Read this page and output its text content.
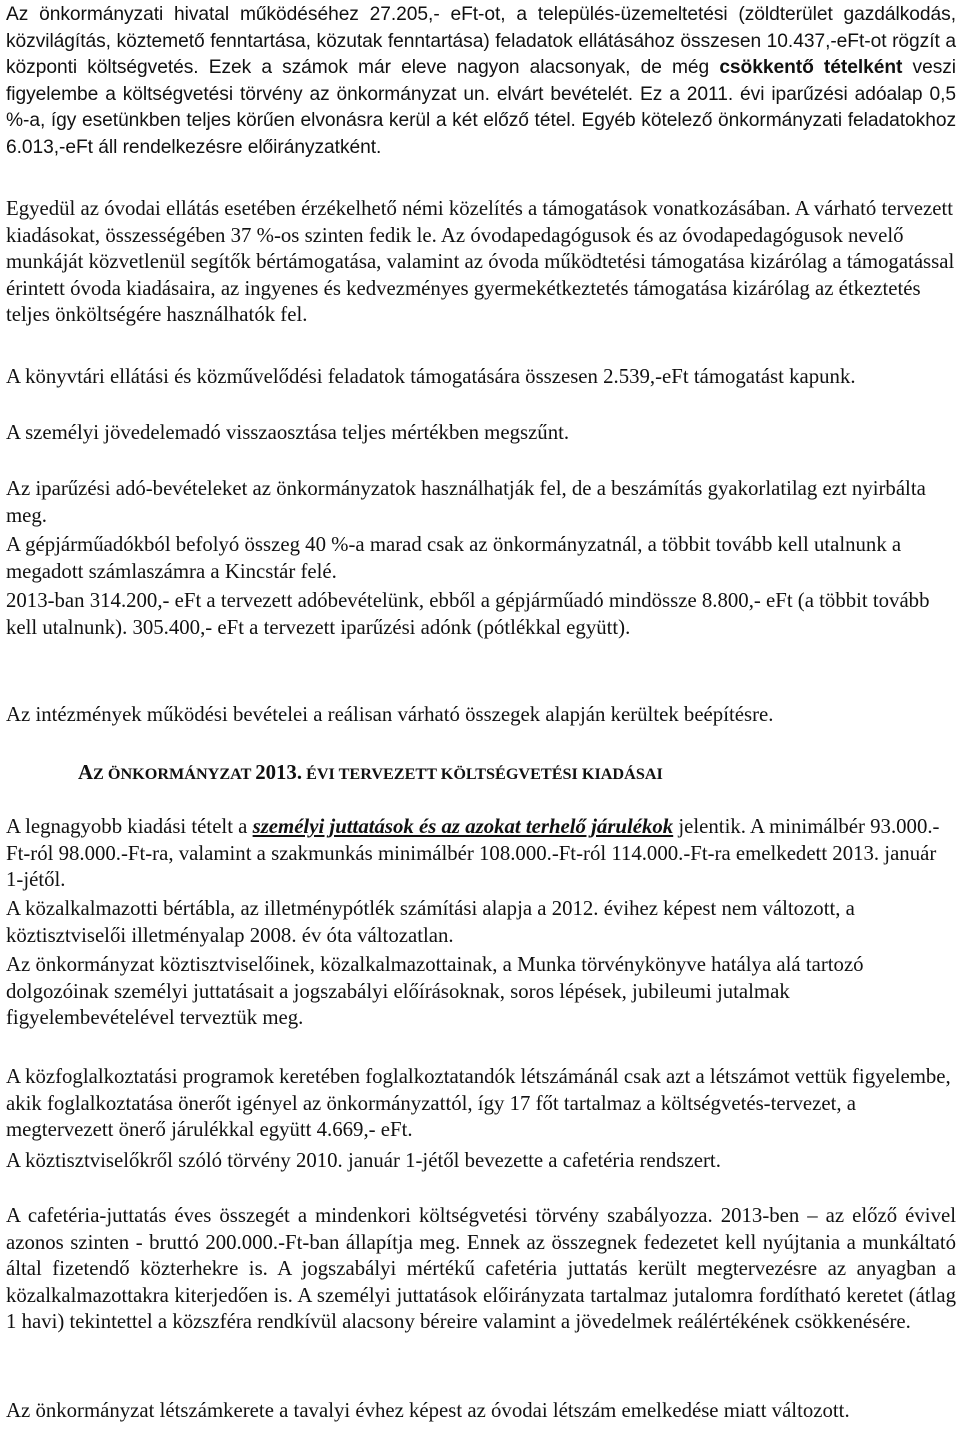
Az önkormányzati hivatal működéséhez 27.205,- eFt-ot, a település-üzemeltetési (zöldterület gazdálkodás, közvilágítás, köztemető fenntartása, közutak fenntartása) feladatok ellátásához összesen 10.437,-eFt-ot rögzít a központi költségvetés. Ezek a számok már eleve nagyon alacsonyak, de még csökkentő tételként veszi figyelembe a költségvetési törvény az önkormányzat un. elvárt bevételét. Ez a 2011. évi iparűzési adóalap 0,5 %-a, így esetünkben teljes körűen elvonásra kerül a két előző tétel. Egyéb kötelező önkormányzati feladatokhoz 6.013,-eFt áll rendelkezésre előirányzatként.

Egyedül az óvodai ellátás esetében érzékelhető némi közelítés a támogatások vonatkozásában. A várható tervezett kiadásokat, összességében 37 %-os szinten fedik le. Az óvodapedagógusok és az óvodapedagógusok nevelő munkáját közvetlenül segítők bértámogatása, valamint az óvoda működtetési támogatása kizárólag a támogatással érintett óvoda kiadásaira, az ingyenes és kedvezményes gyermekétkeztetés támogatása kizárólag az étkeztetés teljes önköltségére használhatók fel.

A könyvtári ellátási és közművelődési feladatok támogatására összesen 2.539,-eFt támogatást kapunk.

A személyi jövedelemadó visszaosztása teljes mértékben megszűnt.

Az iparűzési adó-bevételeket az önkormányzatok használhatják fel, de a beszámítás gyakorlatilag ezt nyirbálta meg.

A gépjárműadókból befolyó összeg 40 %-a marad csak az önkormányzatnál, a többit tovább kell utalnunk a megadott számlaszámra a Kincstár felé.

2013-ban 314.200,- eFt a tervezett adóbevételünk, ebből a gépjárműadó mindössze 8.800,- eFt (a többit tovább kell utalnunk). 305.400,- eFt a tervezett iparűzési adónk (pótlékkal együtt).

Az intézmények működési bevételei a reálisan várható összegek alapján kerültek beépítésre.

AZ ÖNKORMÁNYZAT 2013. ÉVI TERVEZETT KÖLTSÉGVETÉSI KIADÁSAI

A legnagyobb kiadási tételt a személyi juttatások és az azokat terhelő járulékok jelentik. A minimálbér 93.000.- Ft-ról 98.000.-Ft-ra, valamint a szakmunkás minimálbér 108.000.-Ft-ról 114.000.-Ft-ra emelkedett 2013. január 1-jétől.

A közalkalmazotti bértábla, az illetménypótlék számítási alapja a 2012. évihez képest nem változott, a köztisztviselői illetményalap 2008. év óta változatlan.

Az önkormányzat köztisztviselőinek, közalkalmazottainak, a Munka törvénykönyve hatálya alá tartozó dolgozóinak személyi juttatásait a jogszabályi előírásoknak, soros lépések, jubileumi jutalmak figyelembevételével terveztük meg.

A közfoglalkoztatási programok keretében foglalkoztatandók létszámánál csak azt a létszámot vettük figyelembe, akik foglalkoztatása önerőt igényel az önkormányzattól, így 17 főt tartalmaz a költségvetés-tervezet, a megtervezett önerő járulékkal együtt 4.669,- eFt.

A köztisztviselőkről szóló törvény 2010. január 1-jétől bevezette a cafetéria rendszert.

A cafetéria-juttatás éves összegét a mindenkori költségvetési törvény szabályozza. 2013-ben – az előző évivel azonos szinten - bruttó 200.000.-Ft-ban állapítja meg. Ennek az összegnek fedezetet kell nyújtania a munkáltató által fizetendő közterhekre is. A jogszabályi mértékű cafetéria juttatás került megtervezésre az anyagban a közalkalmazottakra kiterjedően is. A személyi juttatások előirányzata tartalmaz jutalomra fordítható keretet (átlag 1 havi) tekintettel a közszféra rendkívül alacsony béreire valamint a jövedelmek reálértékének csökkenésére.

Az önkormányzat létszámkerete a tavalyi évhez képest az óvodai létszám emelkedése miatt változott.
